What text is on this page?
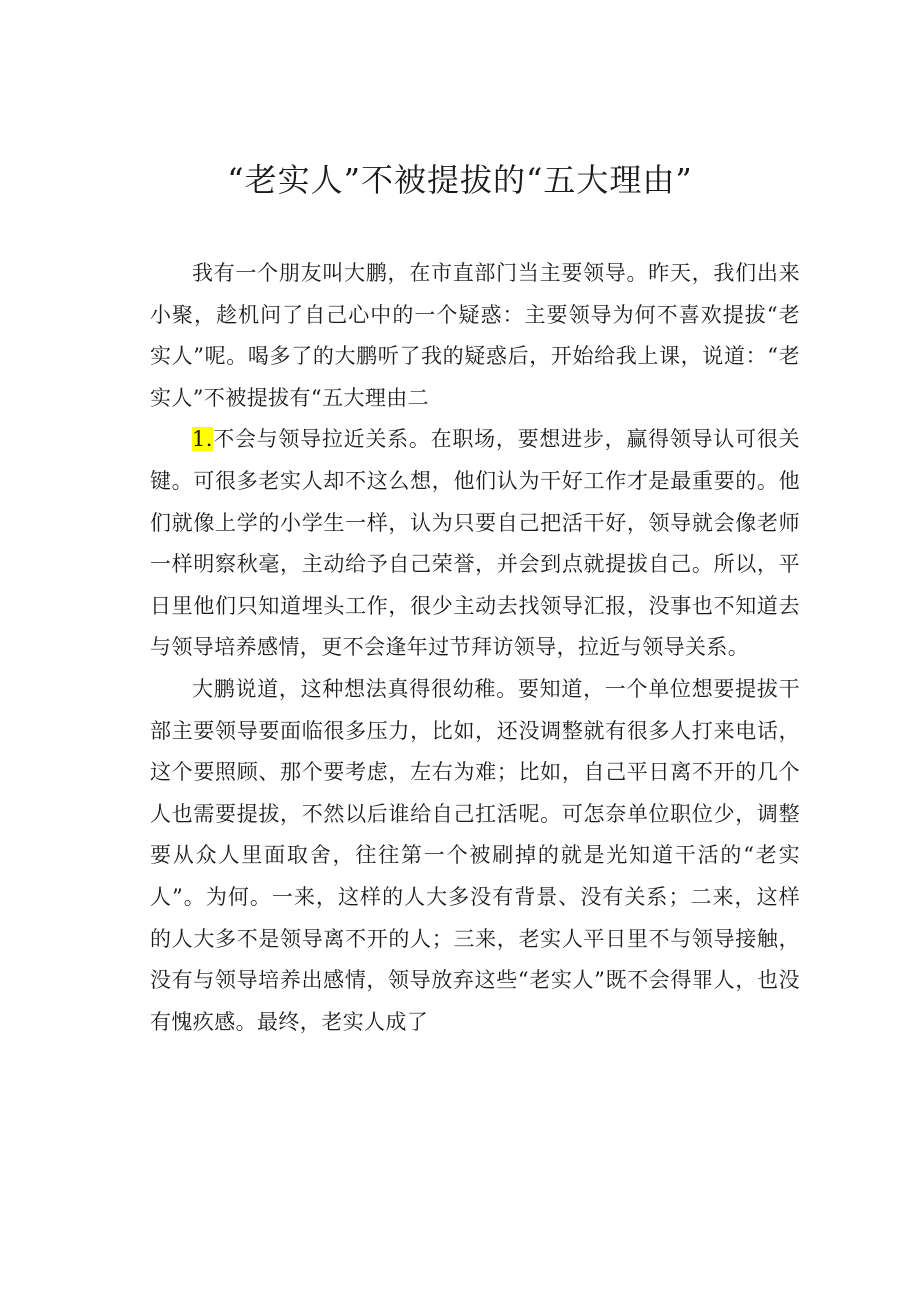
“老实人”不被提拔的“五大理由”

我有一个朋友叫大鹏，在市直部门当主要领导。昨天，我们出来小聚，趁机问了自己心中的一个疑惑：主要领导为何不喜欢提拔“老实人”呢。喝多了的大鹏听了我的疑惑后，开始给我上课，说道：“老实人”不被提拔有“五大理由二

1.不会与领导拉近关系。在职场，要想进步，赢得领导认可很关键。可很多老实人却不这么想，他们认为干好工作才是最重要的。他们就像上学的小学生一样，认为只要自己把活干好，领导就会像老师一样明察秋毫，主动给予自己荣誉，并会到点就提拔自己。所以，平日里他们只知道埋头工作，很少主动去找领导汇报，没事也不知道去与领导培养感情，更不会逢年过节拜访领导，拉近与领导关系。

大鹏说道，这种想法真得很幼稚。要知道，一个单位想要提拔干部主要领导要面临很多压力，比如，还没调整就有很多人打来电话，这个要照顾、那个要考虑，左右为难；比如，自己平日离不开的几个人也需要提拔，不然以后谁给自己扛活呢。可怎奈单位职位少，调整要从众人里面取舍，往往第一个被刷掉的就是光知道干活的“老实人”。为何。一来，这样的人大多没有背景、没有关系；二来，这样的人大多不是领导离不开的人；三来，老实人平日里不与领导接触，没有与领导培养出感情，领导放弃这些“老实人”既不会得罪人，也没有愧疚感。最终，老实人成了
